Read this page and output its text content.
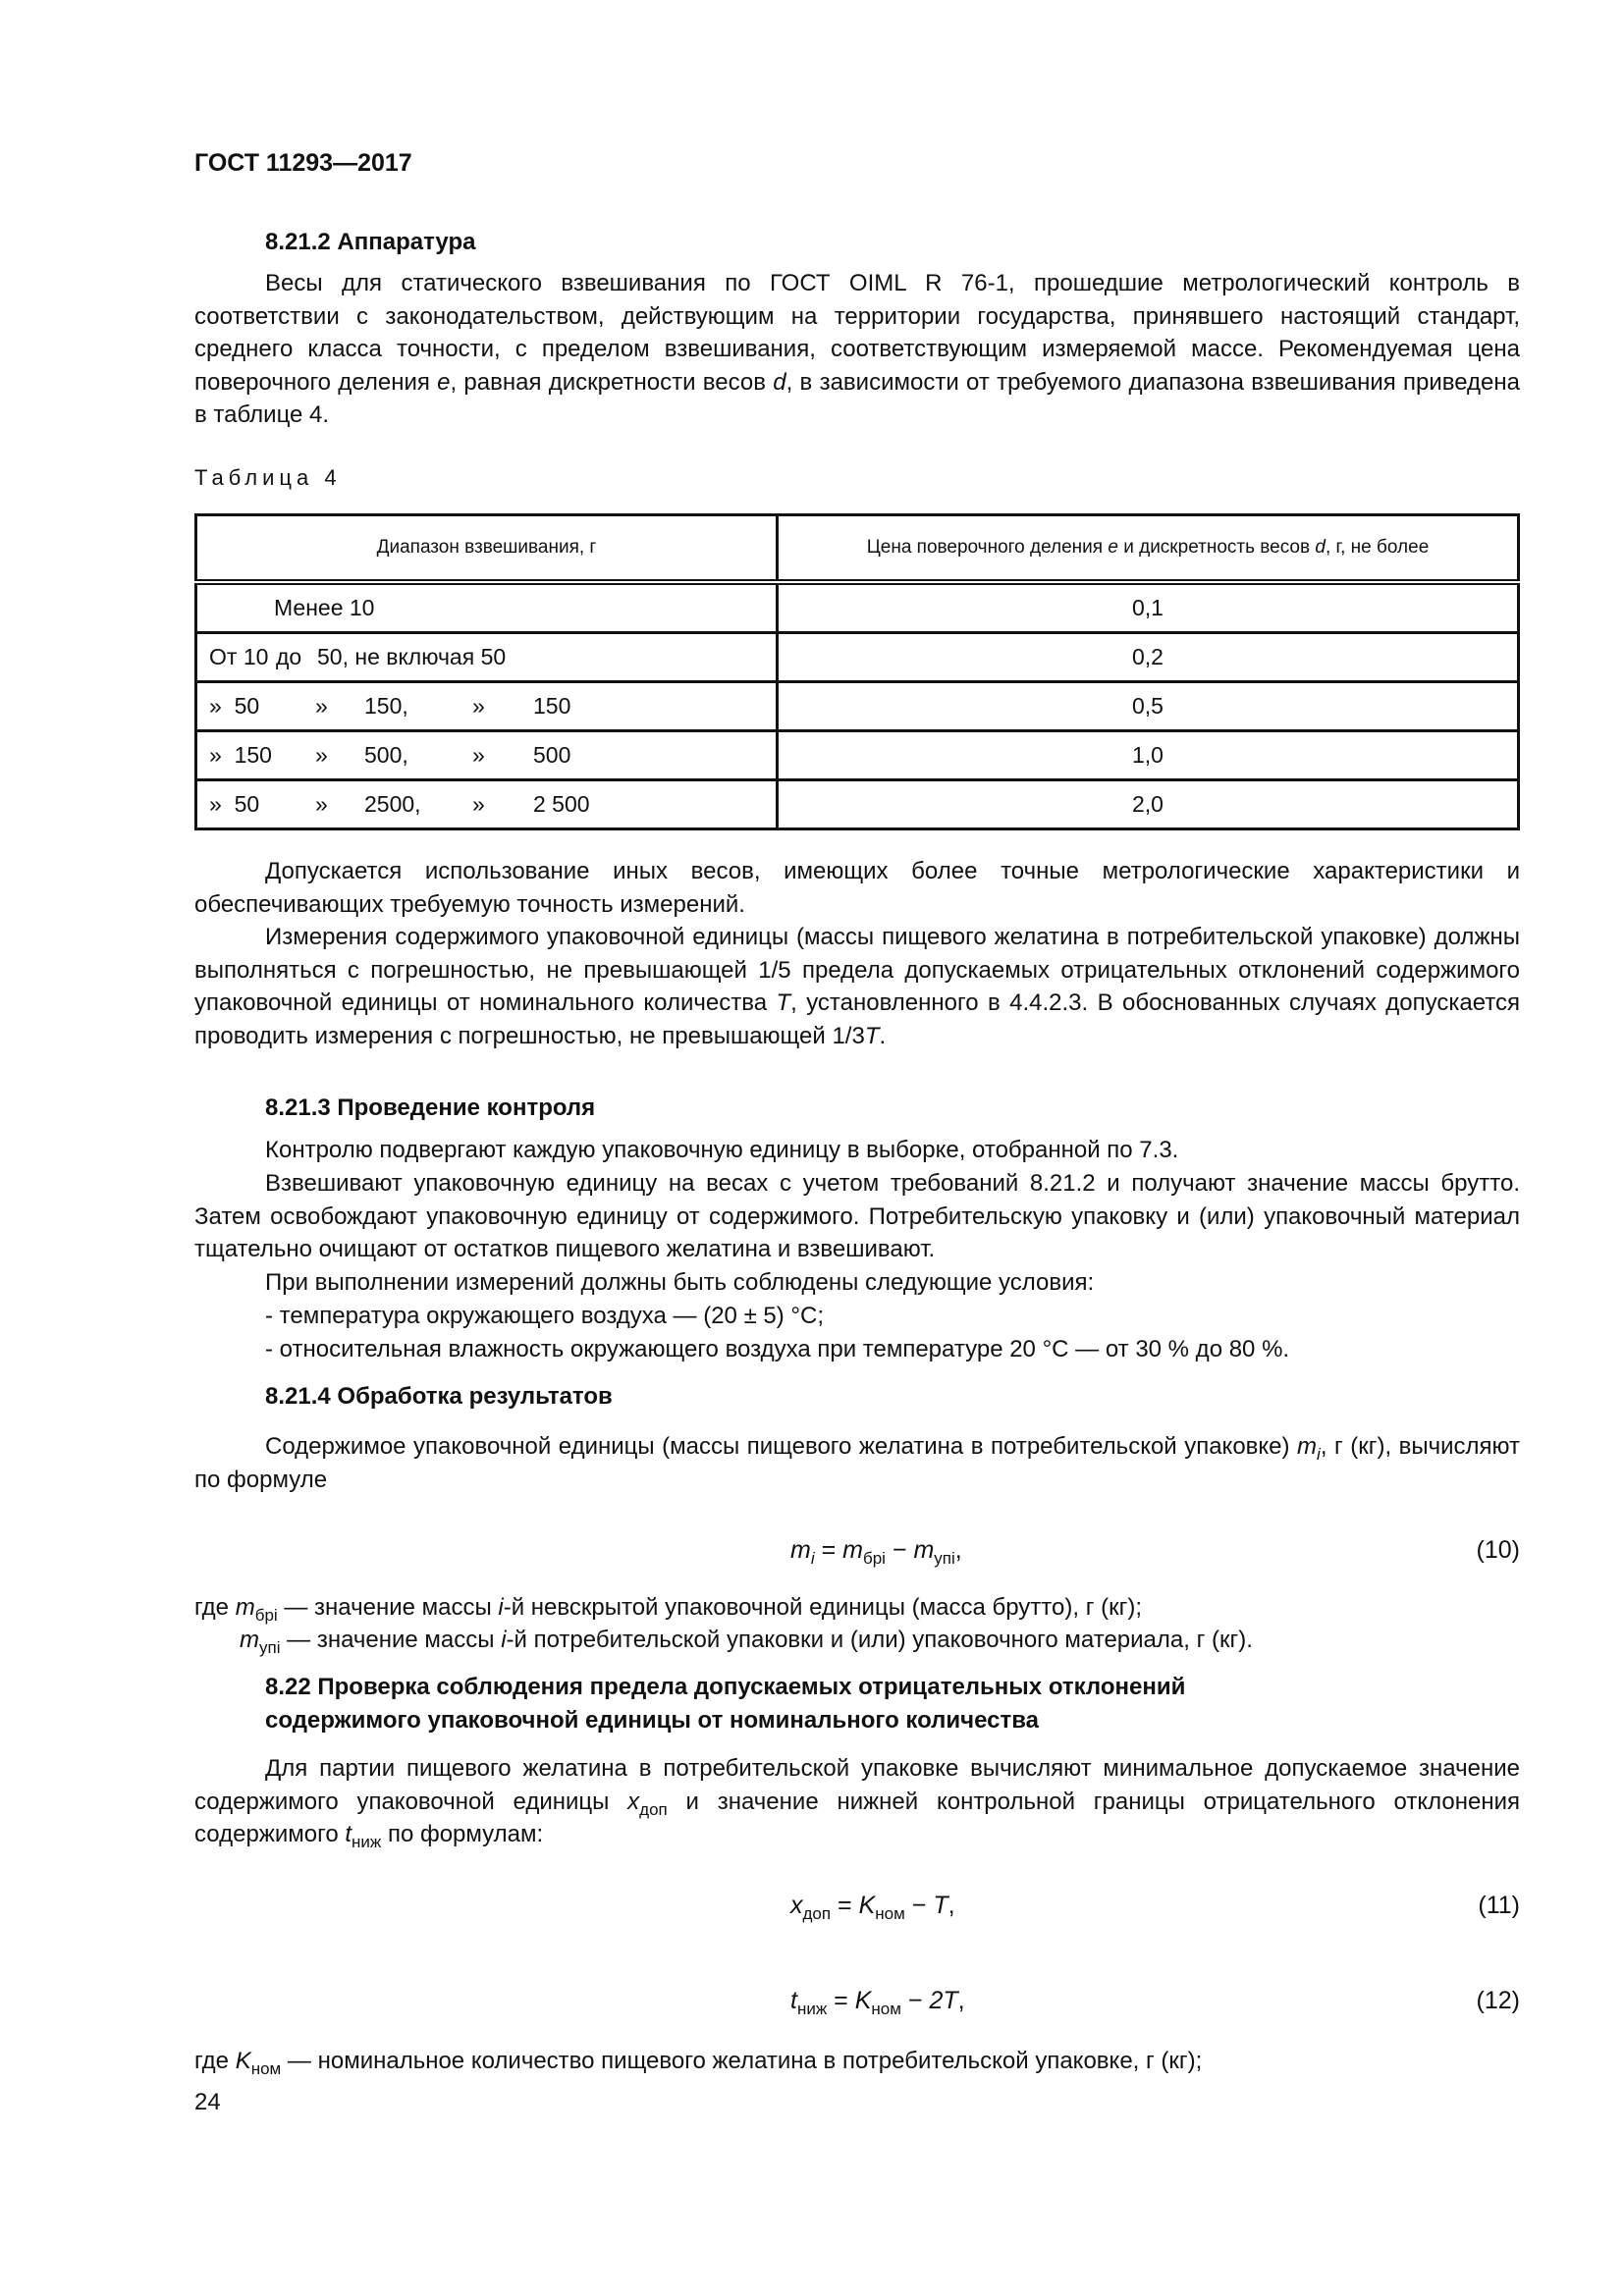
ГОСТ 11293—2017
8.21.2 Аппаратура
Весы для статического взвешивания по ГОСТ OIML R 76-1, прошедшие метрологический контроль в соответствии с законодательством, действующим на территории государства, принявшего настоящий стандарт, среднего класса точности, с пределом взвешивания, соответствующим измеряемой массе. Рекомендуемая цена поверочного деления e, равная дискретности весов d, в зависимости от требуемого диапазона взвешивания приведена в таблице 4.
Таблица 4
Диапазон взвешивания, г	Цена поверочного деления e и дискретность весов d, г, не более
Менее 10	0,1
От 10 до 50, не включая 50	0,2
»  50 » 150, » 150	0,5
»  150 » 500, » 500	1,0
»  50 » 2500, » 2 500	2,0
Допускается использование иных весов, имеющих более точные метрологические характеристики и обеспечивающих требуемую точность измерений.
Измерения содержимого упаковочной единицы (массы пищевого желатина в потребительской упаковке) должны выполняться с погрешностью, не превышающей 1/5 предела допускаемых отрицательных отклонений содержимого упаковочной единицы от номинального количества T, установленного в 4.4.2.3. В обоснованных случаях допускается проводить измерения с погрешностью, не превышающей 1/3T.
8.21.3 Проведение контроля
Контролю подвергают каждую упаковочную единицу в выборке, отобранной по 7.3.
Взвешивают упаковочную единицу на весах с учетом требований 8.21.2 и получают значение массы брутто. Затем освобождают упаковочную единицу от содержимого. Потребительскую упаковку и (или) упаковочный материал тщательно очищают от остатков пищевого желатина и взвешивают.
При выполнении измерений должны быть соблюдены следующие условия:
- температура окружающего воздуха — (20 ± 5) °С;
- относительная влажность окружающего воздуха при температуре 20 °С — от 30 % до 80 %.
8.21.4 Обработка результатов
Содержимое упаковочной единицы (массы пищевого желатина в потребительской упаковке) $m_i$, г (кг), вычисляют по формуле
$m_i = m_{брi} - m_{упi}$,	(10)
где $m_{брi}$ — значение массы i-й невскрытой упаковочной единицы (масса брутто), г (кг);
$m_{упi}$ — значение массы i-й потребительской упаковки и (или) упаковочного материала, г (кг).
8.22 Проверка соблюдения предела допускаемых отрицательных отклонений
содержимого упаковочной единицы от номинального количества
Для партии пищевого желатина в потребительской упаковке вычисляют минимальное допускаемое значение содержимого упаковочной единицы $x_{доп}$ и значение нижней контрольной границы отрицательного отклонения содержимого $t_{ниж}$ по формулам:
$x_{доп} = K_{ном} - T$,	(11)
$t_{ниж} = K_{ном} - 2T$,	(12)
где $K_{ном}$ — номинальное количество пищевого желатина в потребительской упаковке, г (кг);
24
